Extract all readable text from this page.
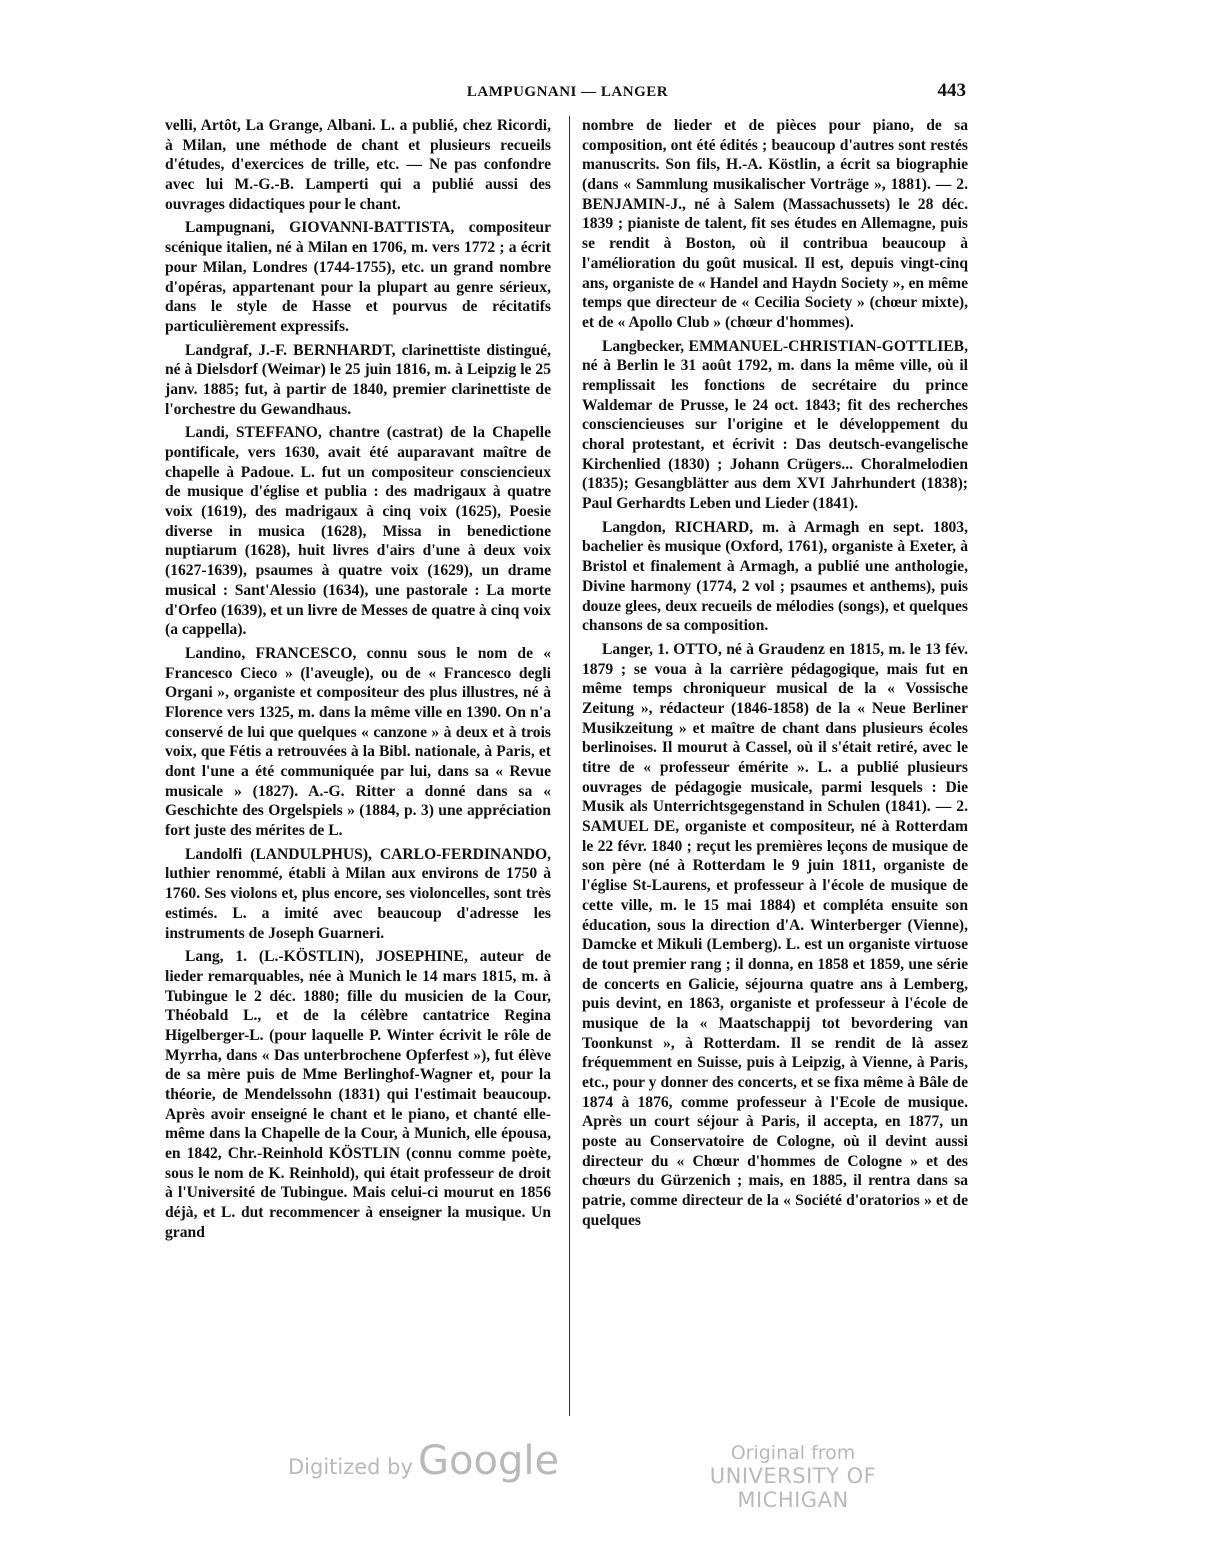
LAMPUGNANI — LANGER	443

velli, Artôt, La Grange, Albani. L. a publié, chez Ricordi, à Milan, une méthode de chant et plusieurs recueils d'études, d'exercices de trille, etc. — Ne pas confondre avec lui M.-G.-B. Lamperti qui a publié aussi des ouvrages didactiques pour le chant.

Lampugnani, GIOVANNI-BATTISTA, compositeur scénique italien, né à Milan en 1706, m. vers 1772 ; a écrit pour Milan, Londres (1744-1755), etc. un grand nombre d'opéras, appartenant pour la plupart au genre sérieux, dans le style de Hasse et pourvus de récitatifs particulièrement expressifs.

Landgraf, J.-F. BERNHARDT, clarinettiste distingué, né à Dielsdorf (Weimar) le 25 juin 1816, m. à Leipzig le 25 janv. 1885; fut, à partir de 1840, premier clarinettiste de l'orchestre du Gewandhaus.

Landi, STEFFANO, chantre (castrat) de la Chapelle pontificale, vers 1630, avait été auparavant maître de chapelle à Padoue. L. fut un compositeur consciencieux de musique d'église et publia : des madrigaux à quatre voix (1619), des madrigaux à cinq voix (1625), Poesie diverse in musica (1628), Missa in benedictione nuptiarum (1628), huit livres d'airs d'une à deux voix (1627-1639), psaumes à quatre voix (1629), un drame musical : Sant'Alessio (1634), une pastorale : La morte d'Orfeo (1639), et un livre de Messes de quatre à cinq voix (a cappella).

Landino, FRANCESCO, connu sous le nom de « Francesco Cieco » (l'aveugle), ou de « Francesco degli Organi », organiste et compositeur des plus illustres, né à Florence vers 1325, m. dans la même ville en 1390. On n'a conservé de lui que quelques « canzone » à deux et à trois voix, que Fétis a retrouvées à la Bibl. nationale, à Paris, et dont l'une a été communiquée par lui, dans sa « Revue musicale » (1827). A.-G. Ritter a donné dans sa « Geschichte des Orgelspiels » (1884, p. 3) une appréciation fort juste des mérites de L.

Landolfi (LANDULPHUS), CARLO-FERDINANDO, luthier renommé, établi à Milan aux environs de 1750 à 1760. Ses violons et, plus encore, ses violoncelles, sont très estimés. L. a imité avec beaucoup d'adresse les instruments de Joseph Guarneri.

Lang, 1. (L.-KÖSTLIN), JOSEPHINE, auteur de lieder remarquables, née à Munich le 14 mars 1815, m. à Tubingue le 2 déc. 1880; fille du musicien de la Cour, Théobald L., et de la célèbre cantatrice Regina Higelberger-L. (pour laquelle P. Winter écrivit le rôle de Myrrha, dans « Das unterbrochene Opferfest »), fut élève de sa mère puis de Mme Berlinghof-Wagner et, pour la théorie, de Mendelssohn (1831) qui l'estimait beaucoup. Après avoir enseigné le chant et le piano, et chanté elle-même dans la Chapelle de la Cour, à Munich, elle épousa, en 1842, Chr.-Reinhold KÖSTLIN (connu comme poète, sous le nom de K. Reinhold), qui était professeur de droit à l'Université de Tubingue. Mais celui-ci mourut en 1856 déjà, et L. dut recommencer à enseigner la musique. Un grand

nombre de lieder et de pièces pour piano, de sa composition, ont été édités ; beaucoup d'autres sont restés manuscrits. Son fils, H.-A. Köstlin, a écrit sa biographie (dans « Sammlung musikalischer Vorträge », 1881). — 2. BENJAMIN-J., né à Salem (Massachussets) le 28 déc. 1839 ; pianiste de talent, fit ses études en Allemagne, puis se rendit à Boston, où il contribua beaucoup à l'amélioration du goût musical. Il est, depuis vingt-cinq ans, organiste de « Handel and Haydn Society », en même temps que directeur de « Cecilia Society » (chœur mixte), et de « Apollo Club » (chœur d'hommes).

Langbecker, EMMANUEL-CHRISTIAN-GOTTLIEB, né à Berlin le 31 août 1792, m. dans la même ville, où il remplissait les fonctions de secrétaire du prince Waldemar de Prusse, le 24 oct. 1843; fit des recherches consciencieuses sur l'origine et le développement du choral protestant, et écrivit : Das deutsch-evangelische Kirchenlied (1830) ; Johann Crügers... Choralmelodien (1835); Gesangblätter aus dem XVI Jahrhundert (1838); Paul Gerhardts Leben und Lieder (1841).

Langdon, RICHARD, m. à Armagh en sept. 1803, bachelier ès musique (Oxford, 1761), organiste à Exeter, à Bristol et finalement à Armagh, a publié une anthologie, Divine harmony (1774, 2 vol ; psaumes et anthems), puis douze glees, deux recueils de mélodies (songs), et quelques chansons de sa composition.

Langer, 1. OTTO, né à Graudenz en 1815, m. le 13 fév. 1879 ; se voua à la carrière pédagogique, mais fut en même temps chroniqueur musical de la « Vossische Zeitung », rédacteur (1846-1858) de la « Neue Berliner Musikzeitung » et maître de chant dans plusieurs écoles berlinoises. Il mourut à Cassel, où il s'était retiré, avec le titre de « professeur émérite ». L. a publié plusieurs ouvrages de pédagogie musicale, parmi lesquels : Die Musik als Unterrichtsgegenstand in Schulen (1841). — 2. SAMUEL DE, organiste et compositeur, né à Rotterdam le 22 févr. 1840 ; reçut les premières leçons de musique de son père (né à Rotterdam le 9 juin 1811, organiste de l'église St-Laurens, et professeur à l'école de musique de cette ville, m. le 15 mai 1884) et compléta ensuite son éducation, sous la direction d'A. Winterberger (Vienne), Damcke et Mikuli (Lemberg). L. est un organiste virtuose de tout premier rang ; il donna, en 1858 et 1859, une série de concerts en Galicie, séjourna quatre ans à Lemberg, puis devint, en 1863, organiste et professeur à l'école de musique de la « Maatschappij tot bevordering van Toonkunst », à Rotterdam. Il se rendit de là assez fréquemment en Suisse, puis à Leipzig, à Vienne, à Paris, etc., pour y donner des concerts, et se fixa même à Bâle de 1874 à 1876, comme professeur à l'Ecole de musique. Après un court séjour à Paris, il accepta, en 1877, un poste au Conservatoire de Cologne, où il devint aussi directeur du « Chœur d'hommes de Cologne » et des chœurs du Gürzenich ; mais, en 1885, il rentra dans sa patrie, comme directeur de la « Société d'oratorios » et de quelques

Digitized by Google	Original from
UNIVERSITY OF MICHIGAN
